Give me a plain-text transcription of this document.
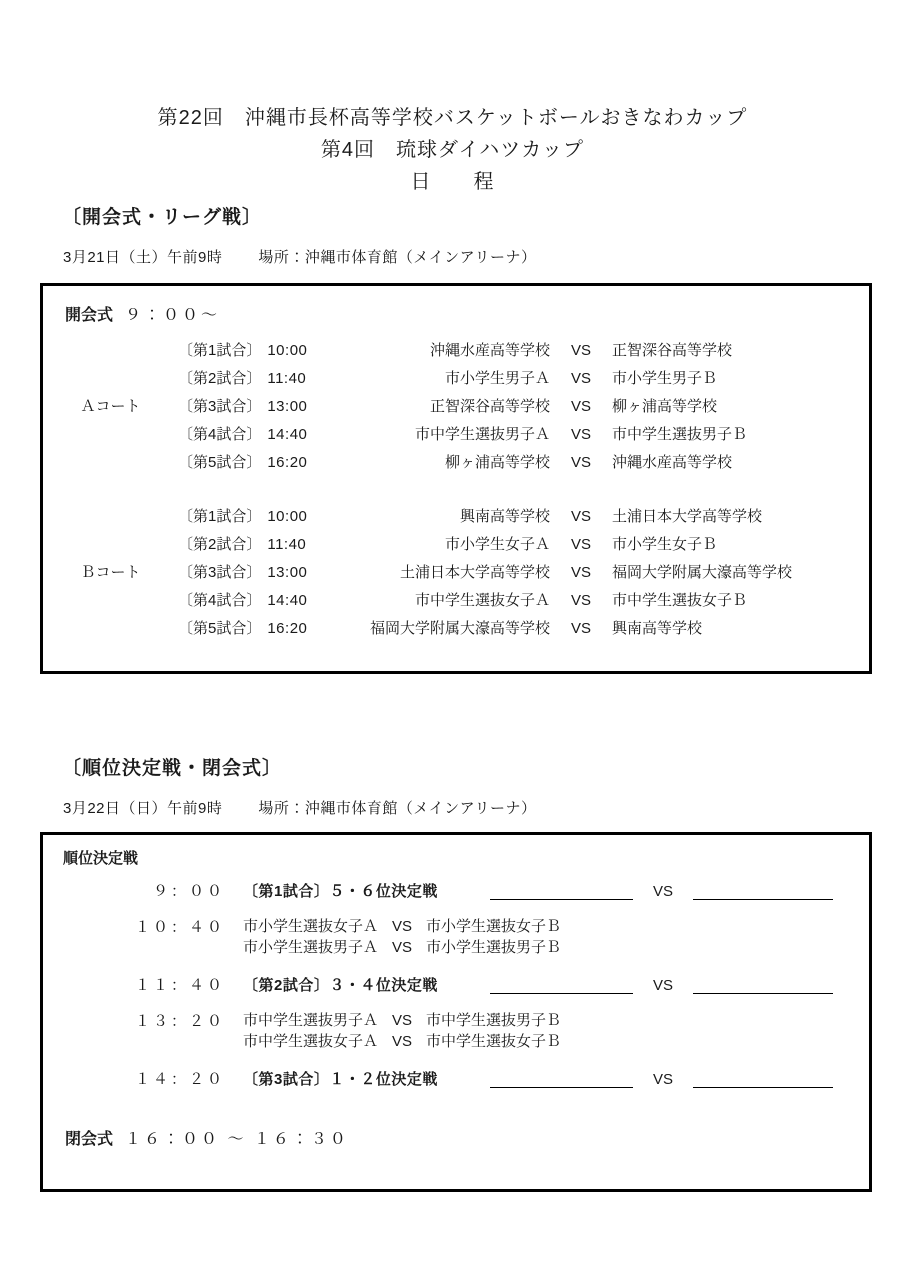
第22回　沖縄市長杯高等学校バスケットボールおきなわカップ
第4回　琉球ダイハツカップ
日　　程
〔開会式・リーグ戦〕
3月21日（土）午前9時 場所：沖縄市体育館（メインアリーナ）
開会式 ９：００～
〔第1試合〕 10:00	沖縄水産高等学校	VS	正智深谷高等学校
〔第2試合〕 11:40	市小学生男子Ａ	VS	市小学生男子Ｂ
Ａコート	〔第3試合〕 13:00	正智深谷高等学校	VS	柳ヶ浦高等学校
〔第4試合〕 14:40	市中学生選抜男子Ａ	VS	市中学生選抜男子Ｂ
〔第5試合〕 16:20	柳ヶ浦高等学校	VS	沖縄水産高等学校
〔第1試合〕 10:00	興南高等学校	VS	土浦日本大学高等学校
〔第2試合〕 11:40	市小学生女子Ａ	VS	市小学生女子Ｂ
Ｂコート	〔第3試合〕 13:00	土浦日本大学高等学校	VS	福岡大学附属大濠高等学校
〔第4試合〕 14:40	市中学生選抜女子Ａ	VS	市中学生選抜女子Ｂ
〔第5試合〕 16:20	福岡大学附属大濠高等学校	VS	興南高等学校
〔順位決定戦・閉会式〕
3月22日（日）午前9時 場所：沖縄市体育館（メインアリーナ）
順位決定戦
９：００ 〔第1試合〕５・６位決定戦	VS
１０：４０ 市小学生選抜女子Ａ VS 市小学生選抜女子Ｂ
市小学生選抜男子Ａ VS 市小学生選抜男子Ｂ
１１：４０ 〔第2試合〕３・４位決定戦	VS
１３：２０ 市中学生選抜男子Ａ VS 市中学生選抜男子Ｂ
市中学生選抜女子Ａ VS 市中学生選抜女子Ｂ
１４：２０ 〔第3試合〕１・２位決定戦	VS
閉会式 １６：００ ～ １６：３０
